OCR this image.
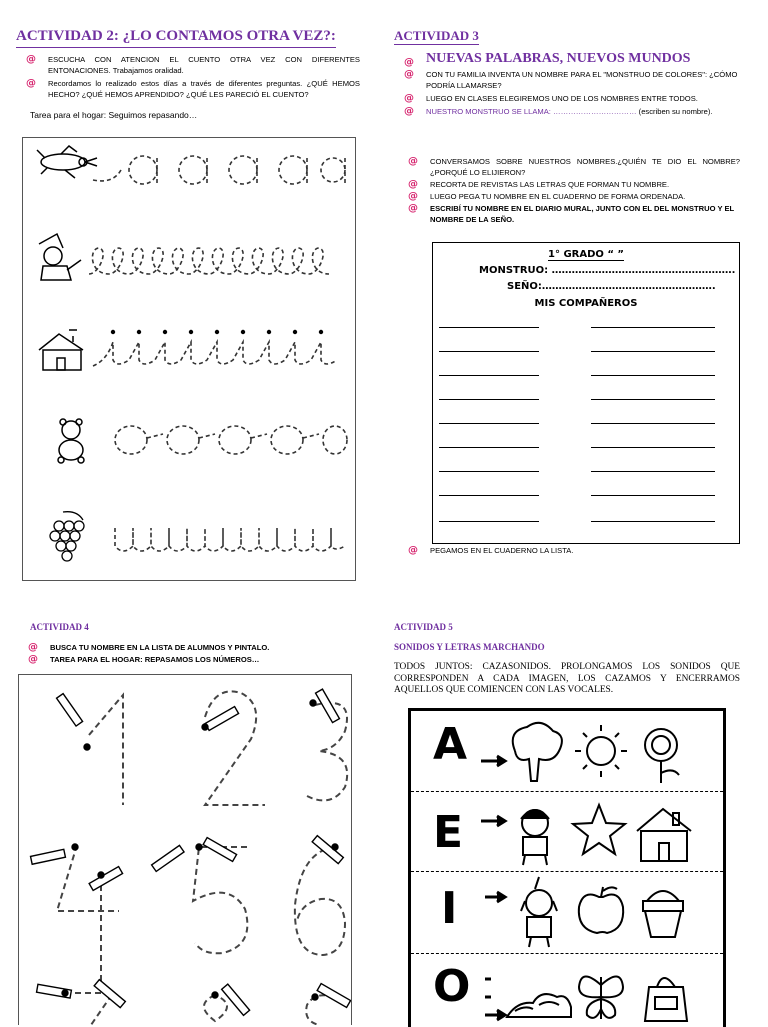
ACTIVIDAD 2: ¿LO CONTAMOS OTRA VEZ?:
@ ESCUCHA CON ATENCION EL CUENTO OTRA VEZ CON DIFERENTES ENTONACIONES. Trabajamos oralidad.
@ Recordamos lo realizado estos días a través de diferentes preguntas. ¿QUÉ HEMOS HECHO? ¿QUÉ HEMOS APRENDIDO? ¿QUÉ LES PARECIÓ EL CUENTO?
Tarea para el hogar: Seguimos repasando…
ACTIVIDAD 3
@ NUEVAS PALABRAS, NUEVOS MUNDOS
@ CON TU FAMILIA INVENTA UN NOMBRE PARA EL "MONSTRUO DE COLORES": ¿CÓMO PODRÍA LLAMARSE?
@ LUEGO EN CLASES ELEGIREMOS UNO DE LOS NOMBRES ENTRE TODOS.
@ NUESTRO MONSTRUO SE LLAMA: …………………………… (escriben su nombre).
@ CONVERSAMOS SOBRE NUESTROS NOMBRES.¿QUIÉN TE DIO EL NOMBRE?¿PORQUÉ LO ELIJIERON?
@ RECORTA DE REVISTAS LAS LETRAS QUE FORMAN TU NOMBRE.
@ LUEGO PEGA TU NOMBRE EN EL CUADERNO DE FORMA ORDENADA.
@ ESCRIBÍ TU NOMBRE EN EL DIARIO MURAL, JUNTO CON EL DEL MONSTRUO Y EL NOMBRE DE LA SEÑO.
1° GRADO “ ”
MONSTRUO: ……………………………………………….
SEÑO:…………………………………………….
MIS COMPAÑEROS
@ PEGAMOS EN EL CUADERNO LA LISTA.
ACTIVIDAD 4
@ BUSCA TU NOMBRE EN LA LISTA DE ALUMNOS Y PINTALO.
@ TAREA PARA EL HOGAR: REPASAMOS LOS NÚMEROS…
ACTIVIDAD 5
SONIDOS Y LETRAS MARCHANDO
TODOS JUNTOS: CAZASONIDOS. PROLONGAMOS LOS SONIDOS QUE CORRESPONDEN A CADA IMAGEN, LOS CAZAMOS Y ENCERRAMOS AQUELLOS QUE COMIENCEN CON LAS VOCALES.
A
E
I
O
